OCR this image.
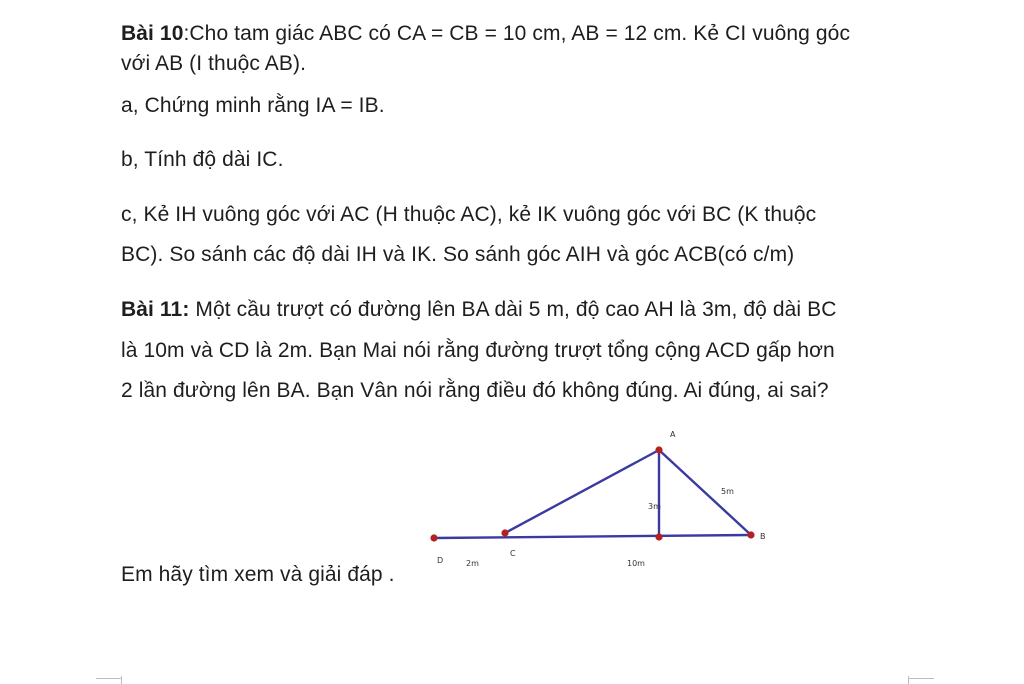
Bài 10:Cho tam giác ABC có CA = CB = 10 cm, AB = 12 cm. Kẻ CI vuông góc
với AB (I thuộc AB).
a, Chứng minh rằng IA = IB.
b, Tính độ dài IC.
c, Kẻ IH vuông góc với AC (H thuộc AC), kẻ IK vuông góc với BC (K thuộc
BC). So sánh các độ dài IH và IK. So sánh góc AIH và góc ACB(có c/m)
Bài 11: Một cầu trượt có đường lên BA dài 5 m, độ cao AH là 3m, độ dài BC
là 10m và CD là 2m. Bạn Mai nói rằng đường trượt tổng cộng ACD gấp hơn
2 lần đường lên BA. Bạn Vân nói rằng điều đó không đúng. Ai đúng, ai sai?
Em hãy tìm xem và giải đáp .
A
B
C
D
5m
3m
2m	10m
